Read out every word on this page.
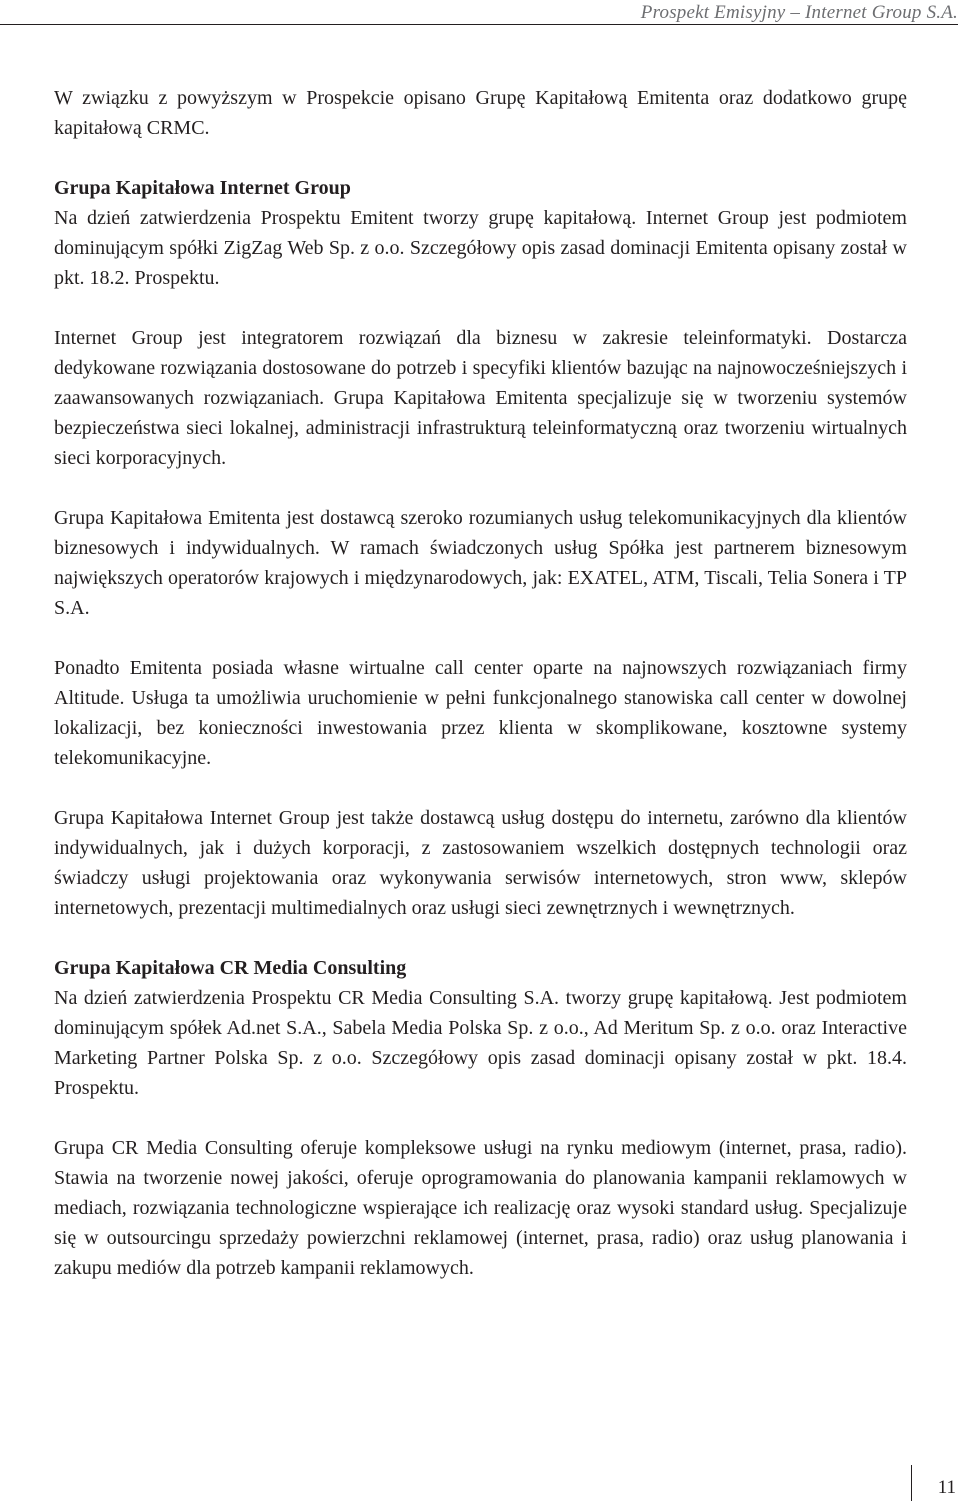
Prospekt Emisyjny – Internet Group S.A.

W związku z powyższym w Prospekcie opisano Grupę Kapitałową Emitenta oraz dodatkowo grupę kapitałową CRMC.

Grupa Kapitałowa Internet Group
Na dzień zatwierdzenia Prospektu Emitent tworzy grupę kapitałową. Internet Group jest podmiotem dominującym spółki ZigZag Web Sp. z o.o. Szczegółowy opis zasad dominacji Emitenta opisany został w pkt. 18.2. Prospektu.

Internet Group jest integratorem rozwiązań dla biznesu w zakresie teleinformatyki. Dostarcza dedykowane rozwiązania dostosowane do potrzeb i specyfiki klientów bazując na najnowocześniejszych i zaawansowanych rozwiązaniach. Grupa Kapitałowa Emitenta specjalizuje się w tworzeniu systemów bezpieczeństwa sieci lokalnej, administracji infrastrukturą teleinformatyczną oraz tworzeniu wirtualnych sieci korporacyjnych.

Grupa Kapitałowa Emitenta jest dostawcą szeroko rozumianych usług telekomunikacyjnych dla klientów biznesowych i indywidualnych. W ramach świadczonych usług Spółka jest partnerem biznesowym największych operatorów krajowych i międzynarodowych, jak: EXATEL, ATM, Tiscali, Telia Sonera i TP S.A.

Ponadto Emitenta posiada własne wirtualne call center oparte na najnowszych rozwiązaniach firmy Altitude. Usługa ta umożliwia uruchomienie w pełni funkcjonalnego stanowiska call center w dowolnej lokalizacji, bez konieczności inwestowania przez klienta w skomplikowane, kosztowne systemy telekomunikacyjne.

Grupa Kapitałowa Internet Group jest także dostawcą usług dostępu do internetu, zarówno dla klientów indywidualnych, jak i dużych korporacji, z zastosowaniem wszelkich dostępnych technologii oraz świadczy usługi projektowania oraz wykonywania serwisów internetowych, stron www, sklepów internetowych, prezentacji multimedialnych oraz usługi sieci zewnętrznych i wewnętrznych.

Grupa Kapitałowa CR Media Consulting
Na dzień zatwierdzenia Prospektu CR Media Consulting S.A. tworzy grupę kapitałową. Jest podmiotem dominującym spółek Ad.net S.A., Sabela Media Polska Sp. z o.o., Ad Meritum Sp. z o.o. oraz Interactive Marketing Partner Polska Sp. z o.o. Szczegółowy opis zasad dominacji opisany został w pkt. 18.4. Prospektu.

Grupa CR Media Consulting oferuje kompleksowe usługi na rynku mediowym (internet, prasa, radio). Stawia na tworzenie nowej jakości, oferuje oprogramowania do planowania kampanii reklamowych w mediach, rozwiązania technologiczne wspierające ich realizację oraz wysoki standard usług. Specjalizuje się w outsourcingu sprzedaży powierzchni reklamowej (internet, prasa, radio) oraz usług planowania i zakupu mediów dla potrzeb kampanii reklamowych.

11
